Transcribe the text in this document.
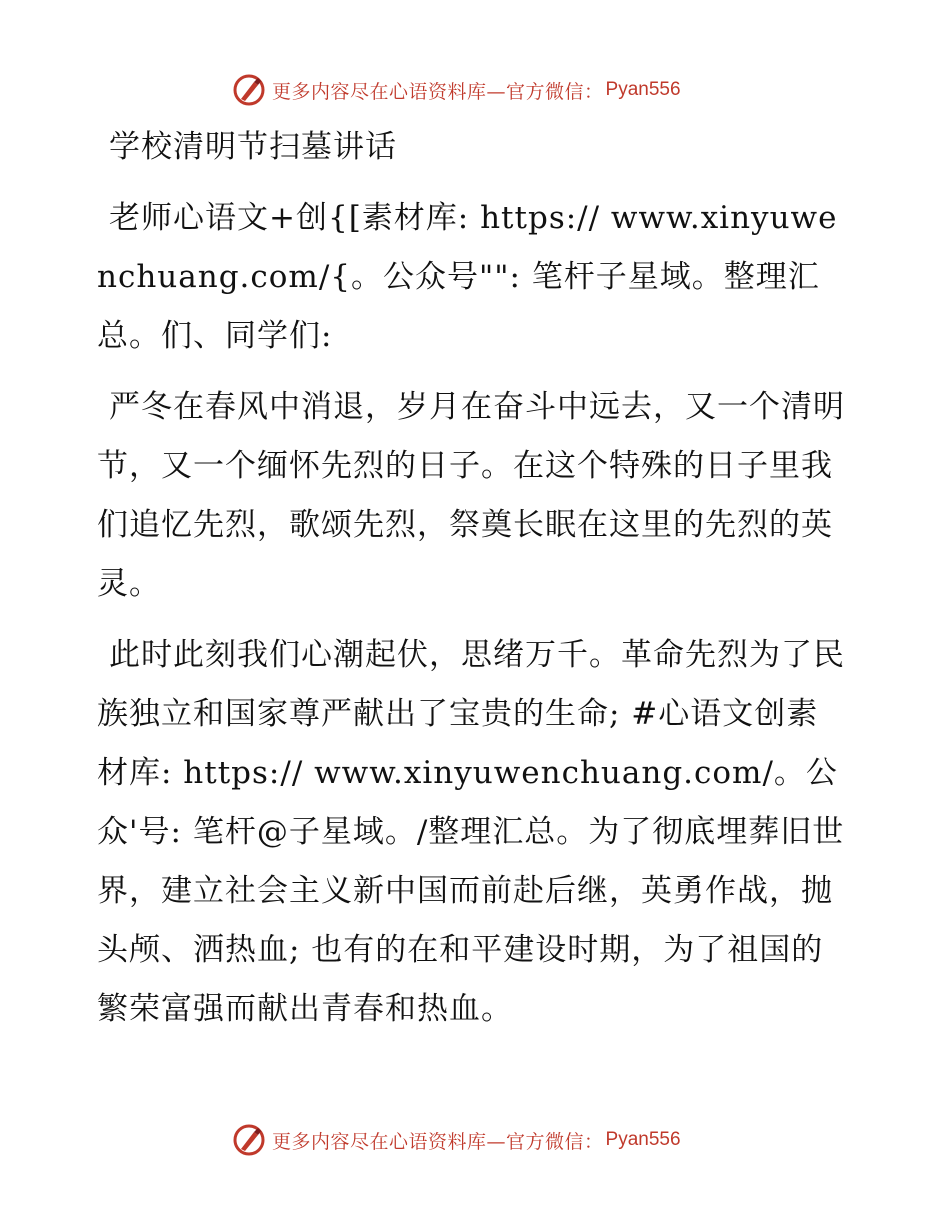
更多内容尽在心语资料库—官方微信： Pyan556
学校清明节扫墓讲话

老师心语文+创{[素材库: https:// www.xinyuwenchuang.com/{。公众号"": 笔杆子星域。整理汇总。们、同学们:

严冬在春风中消退，岁月在奋斗中远去，又一个清明节，又一个缅怀先烈的日子。在这个特殊的日子里我们追忆先烈，歌颂先烈，祭奠长眠在这里的先烈的英灵。

此时此刻我们心潮起伏，思绪万千。革命先烈为了民族独立和国家尊严献出了宝贵的生命; #心语文创素材库: https:// www.xinyuwenchuang.com/。公众'号: 笔杆@子星域。/整理汇总。为了彻底埋葬旧世界，建立社会主义新中国而前赴后继，英勇作战，抛头颅、洒热血; 也有的在和平建设时期，为了祖国的繁荣富强而献出青春和热血。

更多内容尽在心语资料库—官方微信： Pyan556
